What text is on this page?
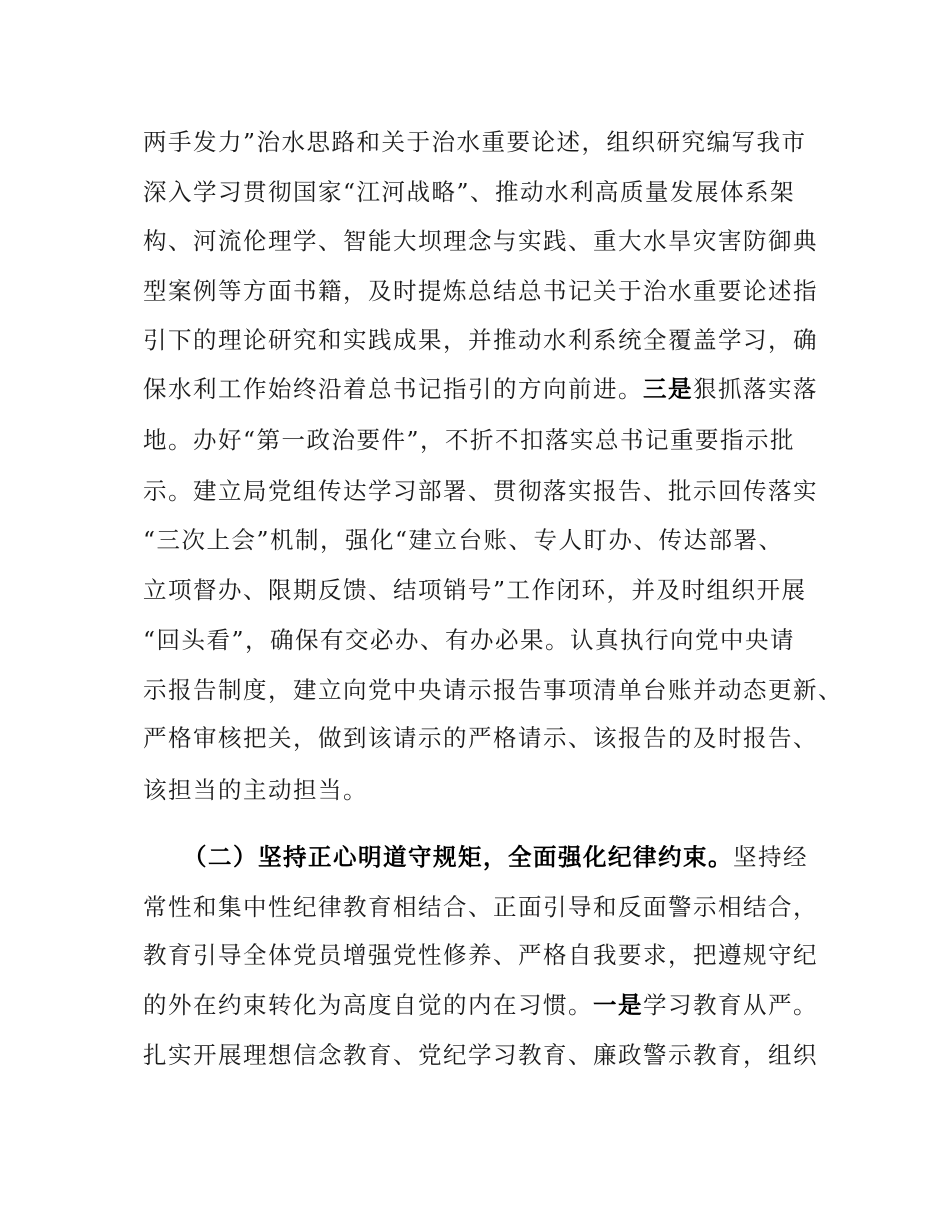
两手发力”治水思路和关于治水重要论述，组织研究编写我市
深入学习贯彻国家“江河战略”、推动水利高质量发展体系架
构、河流伦理学、智能大坝理念与实践、重大水旱灾害防御典
型案例等方面书籍，及时提炼总结总书记关于治水重要论述指
引下的理论研究和实践成果，并推动水利系统全覆盖学习，确
保水利工作始终沿着总书记指引的方向前进。三是狠抓落实落
地。办好“第一政治要件”，不折不扣落实总书记重要指示批
示。建立局党组传达学习部署、贯彻落实报告、批示回传落实
“三次上会”机制，强化“建立台账、专人盯办、传达部署、
立项督办、限期反馈、结项销号”工作闭环，并及时组织开展
“回头看”，确保有交必办、有办必果。认真执行向党中央请
示报告制度，建立向党中央请示报告事项清单台账并动态更新、
严格审核把关，做到该请示的严格请示、该报告的及时报告、
该担当的主动担当。
（二）坚持正心明道守规矩，全面强化纪律约束。坚持经
常性和集中性纪律教育相结合、正面引导和反面警示相结合，
教育引导全体党员增强党性修养、严格自我要求，把遵规守纪
的外在约束转化为高度自觉的内在习惯。一是学习教育从严。
扎实开展理想信念教育、党纪学习教育、廉政警示教育，组织
